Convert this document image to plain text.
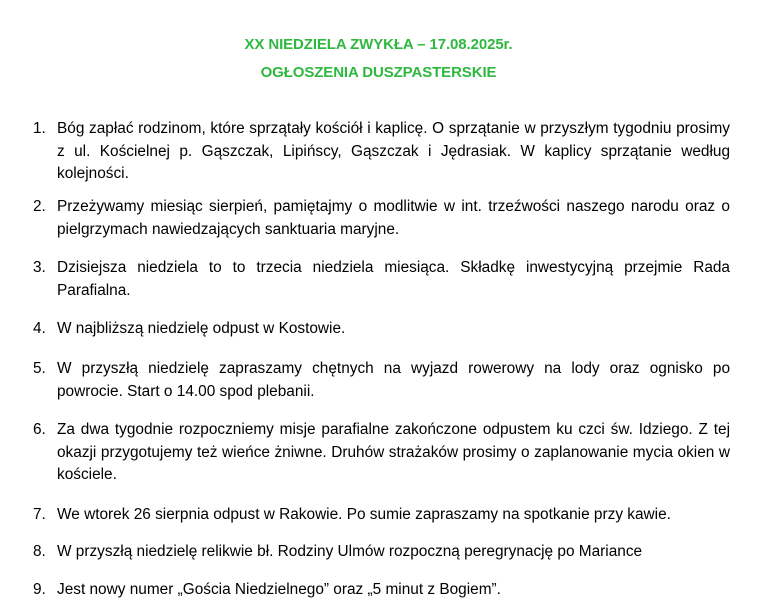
XX NIEDZIELA ZWYKŁA – 17.08.2025r.
OGŁOSZENIA DUSZPASTERSKIE
1. Bóg zapłać rodzinom, które sprzątały kościół i kaplicę. O sprzątanie w przyszłym tygodniu prosimy z ul. Kościelnej p. Gąszczak, Lipińscy, Gąszczak i Jędrasiak. W kaplicy sprzątanie według kolejności.
2. Przeżywamy miesiąc sierpień, pamiętajmy o modlitwie w int. trzeźwości naszego narodu oraz o pielgrzymach nawiedzających sanktuaria maryjne.
3. Dzisiejsza niedziela to to trzecia niedziela miesiąca. Składkę inwestycyjną przejmie Rada Parafialna.
4. W najbliższą niedzielę odpust w Kostowie.
5. W przyszłą niedzielę zapraszamy chętnych na wyjazd rowerowy na lody oraz ognisko po powrocie. Start o 14.00 spod plebanii.
6. Za dwa tygodnie rozpoczniemy misje parafialne zakończone odpustem ku czci św. Idziego. Z tej okazji przygotujemy też wieńce żniwne. Druhów strażaków prosimy o zaplanowanie mycia okien w kościele.
7. We wtorek 26 sierpnia odpust w Rakowie. Po sumie zapraszamy na spotkanie przy kawie.
8. W przyszłą niedzielę relikwie bł. Rodziny Ulmów rozpoczną peregrynację po Mariance
9. Jest nowy numer „Gościa Niedzielnego” oraz „5 minut z Bogiem”.
